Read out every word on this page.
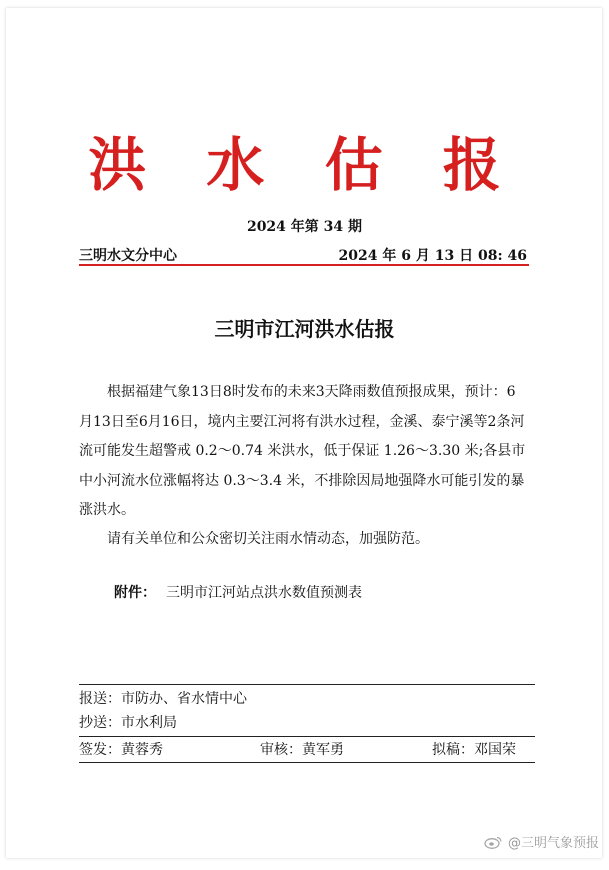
洪 水 估 报
2024 年第 34 期
三明水文分中心	2024 年 6 月 13 日 08: 46
三明市江河洪水估报
根据福建气象13日8时发布的未来3天降雨数值预报成果，预计：6月13日至6月16日，境内主要江河将有洪水过程，金溪、泰宁溪等2条河流可能发生超警戒 0.2～0.74 米洪水，低于保证 1.26～3.30 米;各县市中小河流水位涨幅将达 0.3～3.4 米，不排除因局地强降水可能引发的暴涨洪水。
请有关单位和公众密切关注雨水情动态，加强防范。
附件： 三明市江河站点洪水数值预测表
报送：市防办、省水情中心
抄送：市水利局
签发：黄蓉秀	审核：黄军勇	拟稿：邓国荣
@三明气象预报
